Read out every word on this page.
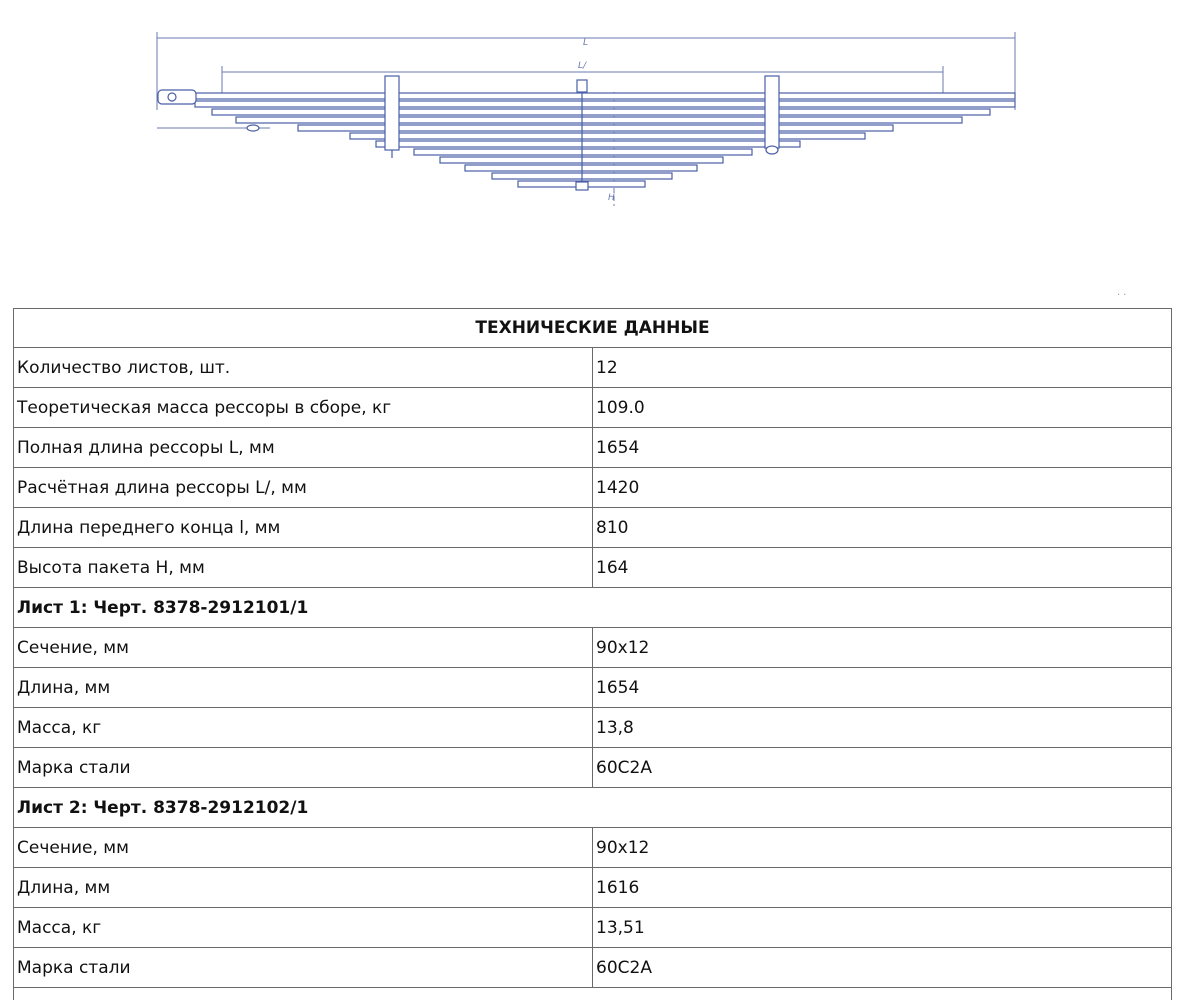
L
L/
H
··
ТЕХНИЧЕСКИЕ ДАННЫЕ	
Количество листов, шт.	12
Теоретическая масса рессоры в сборе, кг	109.0
Полная длина рессоры L, мм	1654
Расчётная длина рессоры L/, мм	1420
Длина переднего конца l, мм	810
Высота пакета H, мм	164
Лист 1: Черт. 8378-2912101/1	
Сечение, мм	90x12
Длина, мм	1654
Масса, кг	13,8
Марка стали	60С2А
Лист 2: Черт. 8378-2912102/1	
Сечение, мм	90x12
Длина, мм	1616
Масса, кг	13,51
Марка стали	60С2А
